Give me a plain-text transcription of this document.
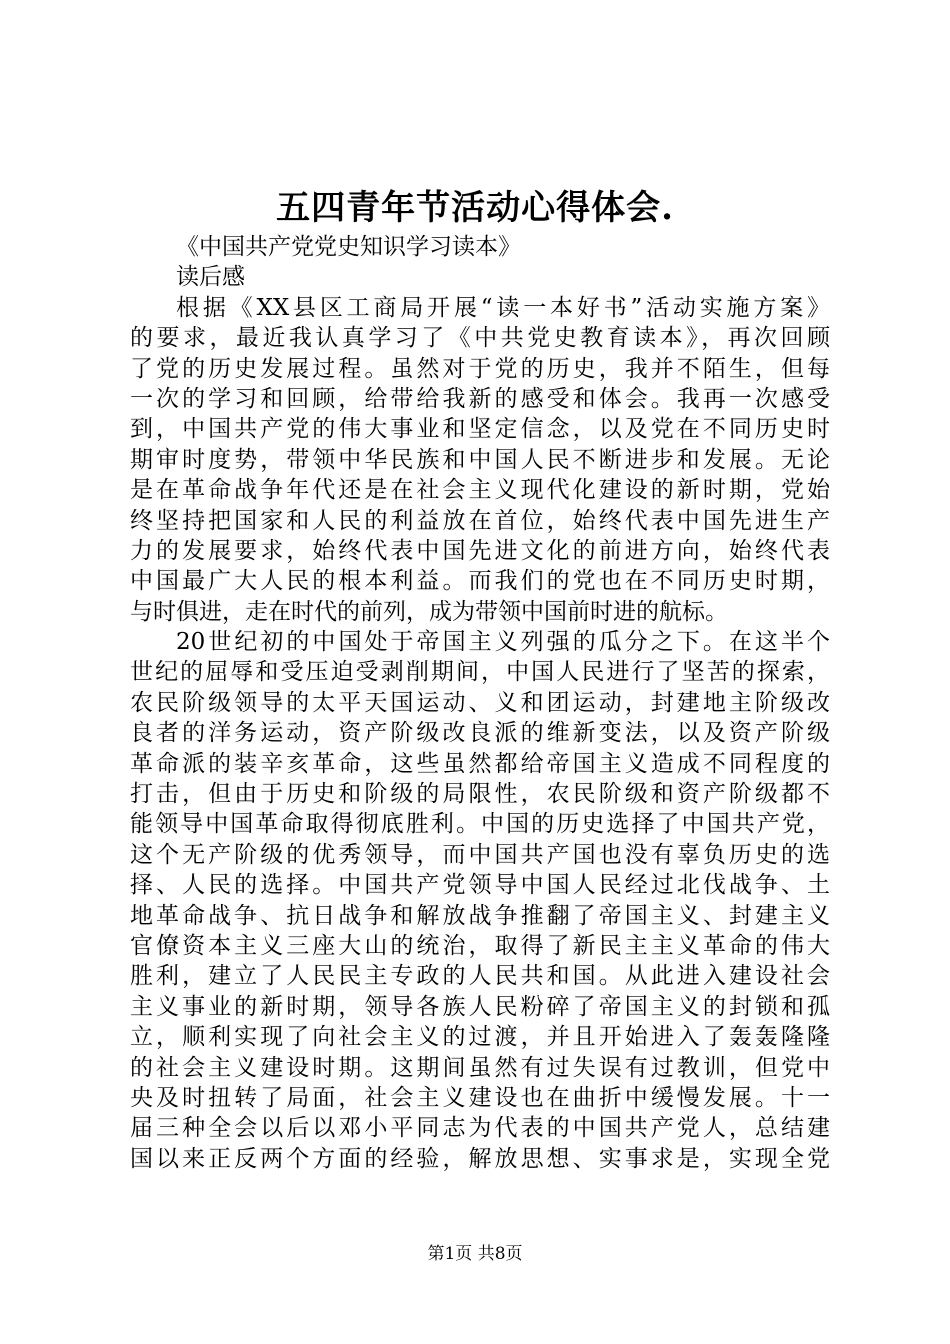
五四青年节活动心得体会.
《中国共产党党史知识学习读本》
读后感
根据《XX县区工商局开展“读一本好书”活动实施方案》
的要求，最近我认真学习了《中共党史教育读本》，再次回顾
了党的历史发展过程。虽然对于党的历史，我并不陌生，但每
一次的学习和回顾，给带给我新的感受和体会。我再一次感受
到，中国共产党的伟大事业和坚定信念，以及党在不同历史时
期审时度势，带领中华民族和中国人民不断进步和发展。无论
是在革命战争年代还是在社会主义现代化建设的新时期，党始
终坚持把国家和人民的利益放在首位，始终代表中国先进生产
力的发展要求，始终代表中国先进文化的前进方向，始终代表
中国最广大人民的根本利益。而我们的党也在不同历史时期，
与时俱进，走在时代的前列，成为带领中国前时进的航标。
20世纪初的中国处于帝国主义列强的瓜分之下。在这半个
世纪的屈辱和受压迫受剥削期间，中国人民进行了坚苦的探索，
农民阶级领导的太平天国运动、义和团运动，封建地主阶级改
良者的洋务运动，资产阶级改良派的维新变法，以及资产阶级
革命派的装辛亥革命，这些虽然都给帝国主义造成不同程度的
打击，但由于历史和阶级的局限性，农民阶级和资产阶级都不
能领导中国革命取得彻底胜利。中国的历史选择了中国共产党，
这个无产阶级的优秀领导，而中国共产国也没有辜负历史的选
择、人民的选择。中国共产党领导中国人民经过北伐战争、土
地革命战争、抗日战争和解放战争推翻了帝国主义、封建主义
官僚资本主义三座大山的统治，取得了新民主主义革命的伟大
胜利，建立了人民民主专政的人民共和国。从此进入建设社会
主义事业的新时期，领导各族人民粉碎了帝国主义的封锁和孤
立，顺利实现了向社会主义的过渡，并且开始进入了轰轰隆隆
的社会主义建设时期。这期间虽然有过失误有过教训，但党中
央及时扭转了局面，社会主义建设也在曲折中缓慢发展。十一
届三种全会以后以邓小平同志为代表的中国共产党人，总结建
国以来正反两个方面的经验，解放思想、实事求是，实现全党
第1页 共8页
